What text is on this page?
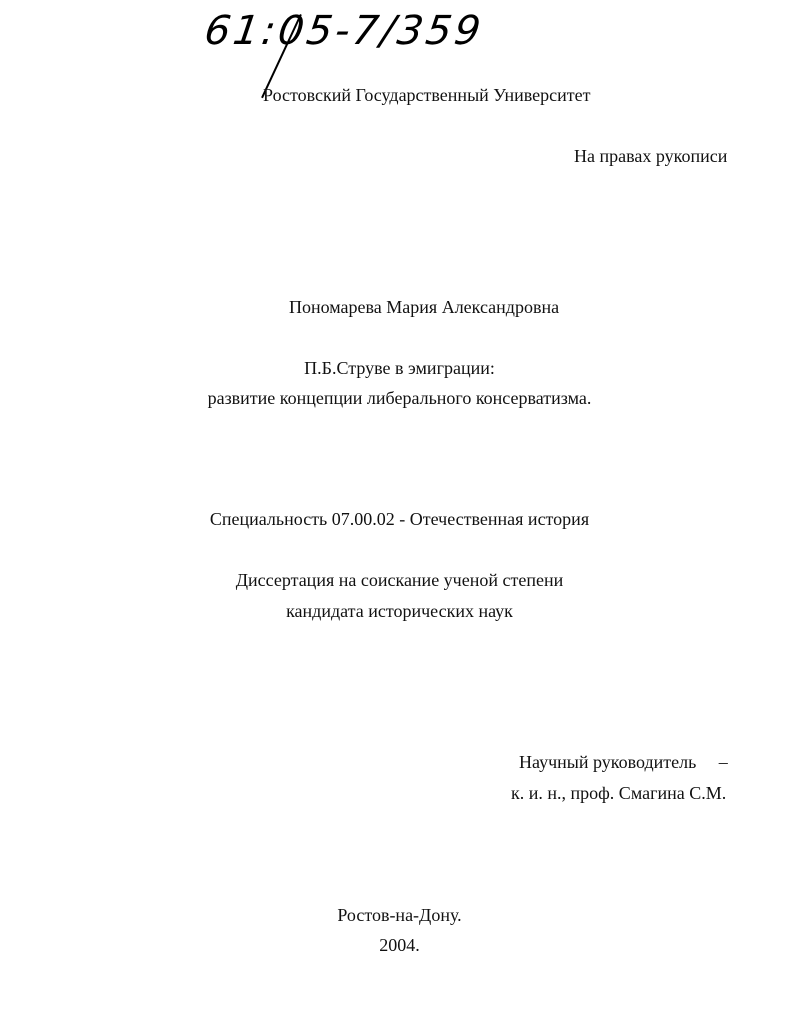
61:05-7/359
Ростовский Государственный Университет
На правах рукописи
Пономарева Мария Александровна
П.Б.Струве в эмиграции:
развитие концепции либерального консерватизма.
Специальность 07.00.02 - Отечественная история
Диссертация на соискание ученой степени
кандидата исторических наук
Научный руководитель     –
к. и. н., проф. Смагина С.М.
Ростов-на-Дону.
2004.
